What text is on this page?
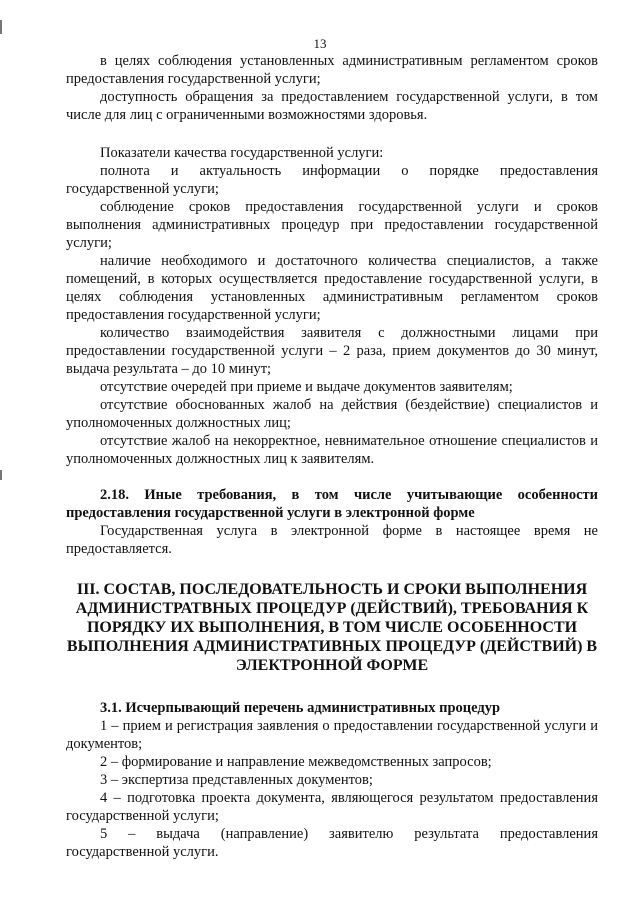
13

в целях соблюдения установленных административным регламентом сроков предоставления государственной услуги;

доступность обращения за предоставлением государственной услуги, в том числе для лиц с ограниченными возможностями здоровья.

Показатели качества государственной услуги:

полнота и актуальность информации о порядке предоставления государственной услуги;

соблюдение сроков предоставления государственной услуги и сроков выполнения административных процедур при предоставлении государственной услуги;

наличие необходимого и достаточного количества специалистов, а также помещений, в которых осуществляется предоставление государственной услуги, в целях соблюдения установленных административным регламентом сроков предоставления государственной услуги;

количество взаимодействия заявителя с должностными лицами при предоставлении государственной услуги – 2 раза, прием документов до 30 минут, выдача результата – до 10 минут;

отсутствие очередей при приеме и выдаче документов заявителям;

отсутствие обоснованных жалоб на действия (бездействие) специалистов и уполномоченных должностных лиц;

отсутствие жалоб на некорректное, невнимательное отношение специалистов и уполномоченных должностных лиц к заявителям.

2.18. Иные требования, в том числе учитывающие особенности предоставления государственной услуги в электронной форме

Государственная услуга в электронной форме в настоящее время не предоставляется.

III. СОСТАВ, ПОСЛЕДОВАТЕЛЬНОСТЬ И СРОКИ ВЫПОЛНЕНИЯ
АДМИНИСТРАТВНЫХ ПРОЦЕДУР (ДЕЙСТВИЙ), ТРЕБОВАНИЯ К
ПОРЯДКУ ИХ ВЫПОЛНЕНИЯ, В ТОМ ЧИСЛЕ ОСОБЕННОСТИ
ВЫПОЛНЕНИЯ АДМИНИСТРАТИВНЫХ ПРОЦЕДУР (ДЕЙСТВИЙ) В
ЭЛЕКТРОННОЙ ФОРМЕ

3.1. Исчерпывающий перечень административных процедур

1 – прием и регистрация заявления о предоставлении государственной услуги и документов;

2 – формирование и направление межведомственных запросов;

3 – экспертиза представленных документов;

4 – подготовка проекта документа, являющегося результатом предоставления государственной услуги;

5 – выдача (направление) заявителю результата предоставления государственной услуги.
